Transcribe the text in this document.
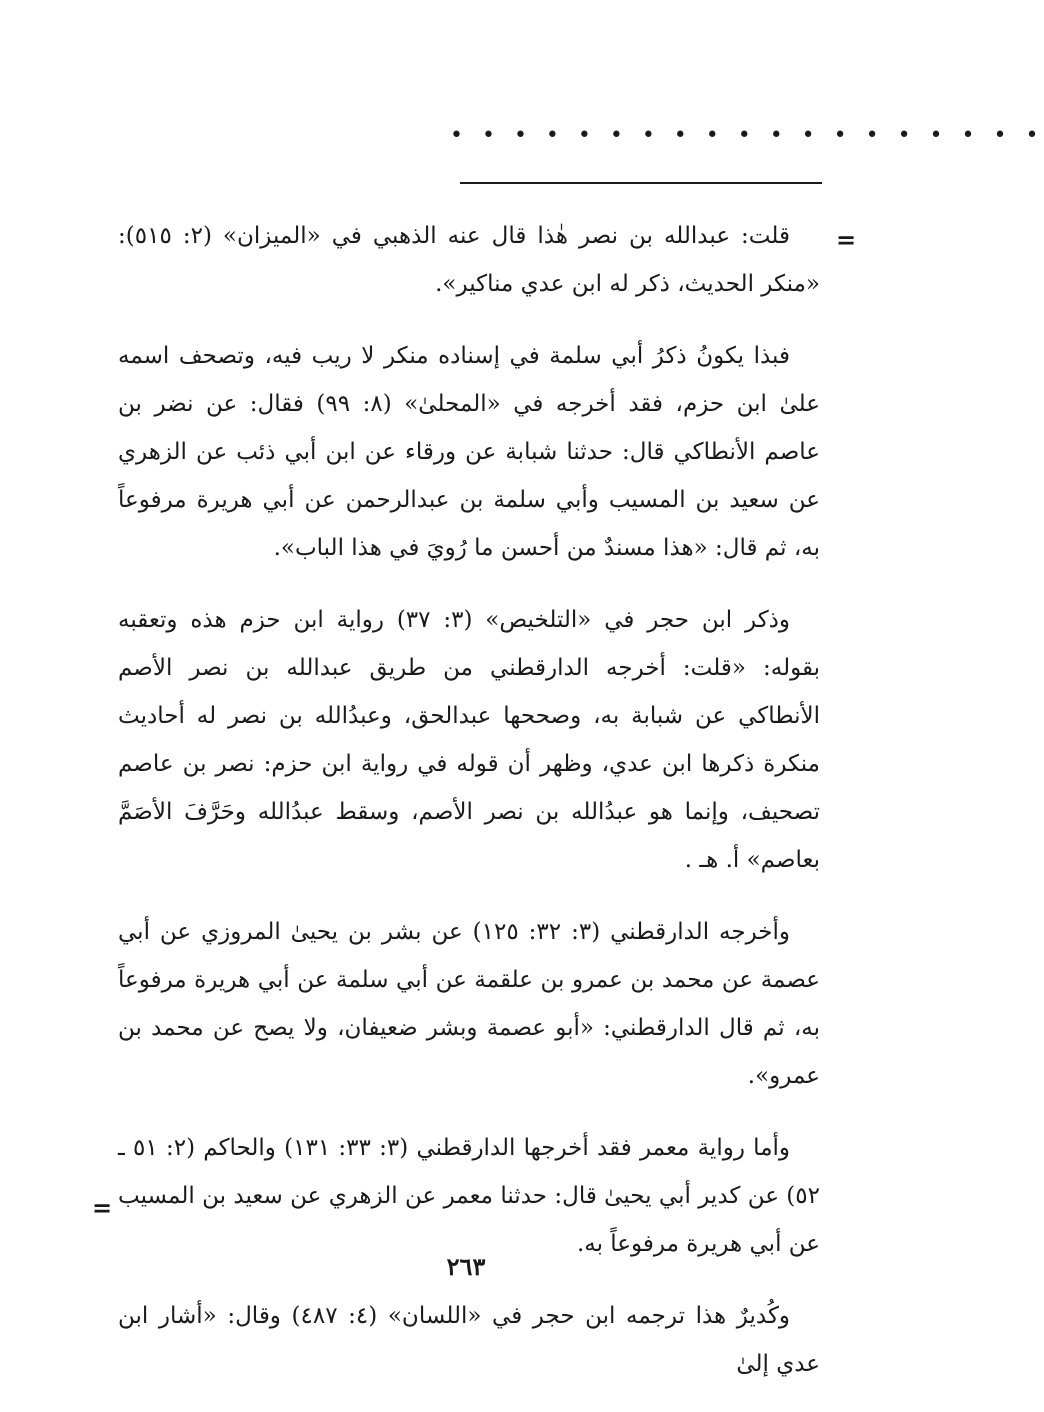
• • • • • • • • • • • • • • • • • • •
=

قلت: عبدالله بن نصر هٰذا قال عنه الذهبي في «الميزان» (٢: ٥١٥): «منكر الحديث، ذكر له ابن عدي مناكير».

فبذا يكونُ ذكرُ أبي سلمة في إسناده منكر لا ريب فيه، وتصحف اسمه علىٰ ابن حزم، فقد أخرجه في «المحلىٰ» (٨: ٩٩) فقال: عن نضر بن عاصم الأنطاكي قال: حدثنا شبابة عن ورقاء عن ابن أبي ذئب عن الزهري عن سعيد بن المسيب وأبي سلمة بن عبدالرحمن عن أبي هريرة مرفوعاً به، ثم قال: «هذا مسندٌ من أحسن ما رُويَ في هذا الباب».

وذكر ابن حجر في «التلخيص» (٣: ٣٧) رواية ابن حزم هذه وتعقبه بقوله: «قلت: أخرجه الدارقطني من طريق عبدالله بن نصر الأصم الأنطاكي عن شبابة به، وصححها عبدالحق، وعبدُالله بن نصر له أحاديث منكرة ذكرها ابن عدي، وظهر أن قوله في رواية ابن حزم: نصر بن عاصم تصحيف، وإنما هو عبدُالله بن نصر الأصم، وسقط عبدُالله وحَرَّفَ الأصَمَّ بعاصم» أ. هـ .

وأخرجه الدارقطني (٣: ٣٢: ١٢٥) عن بشر بن يحيىٰ المروزي عن أبي عصمة عن محمد بن عمرو بن علقمة عن أبي سلمة عن أبي هريرة مرفوعاً به، ثم قال الدارقطني: «أبو عصمة وبشر ضعيفان، ولا يصح عن محمد بن عمرو».

وأما رواية معمر فقد أخرجها الدارقطني (٣: ٣٣: ١٣١) والحاكم (٢: ٥١ ـ ٥٢) عن كدير أبي يحيىٰ قال: حدثنا معمر عن الزهري عن سعيد بن المسيب عن أبي هريرة مرفوعاً به.

وكُديرٌ هذا ترجمه ابن حجر في «اللسان» (٤: ٤٨٧) وقال: «أشار ابن عدي إلىٰ

=
٢٦٣
